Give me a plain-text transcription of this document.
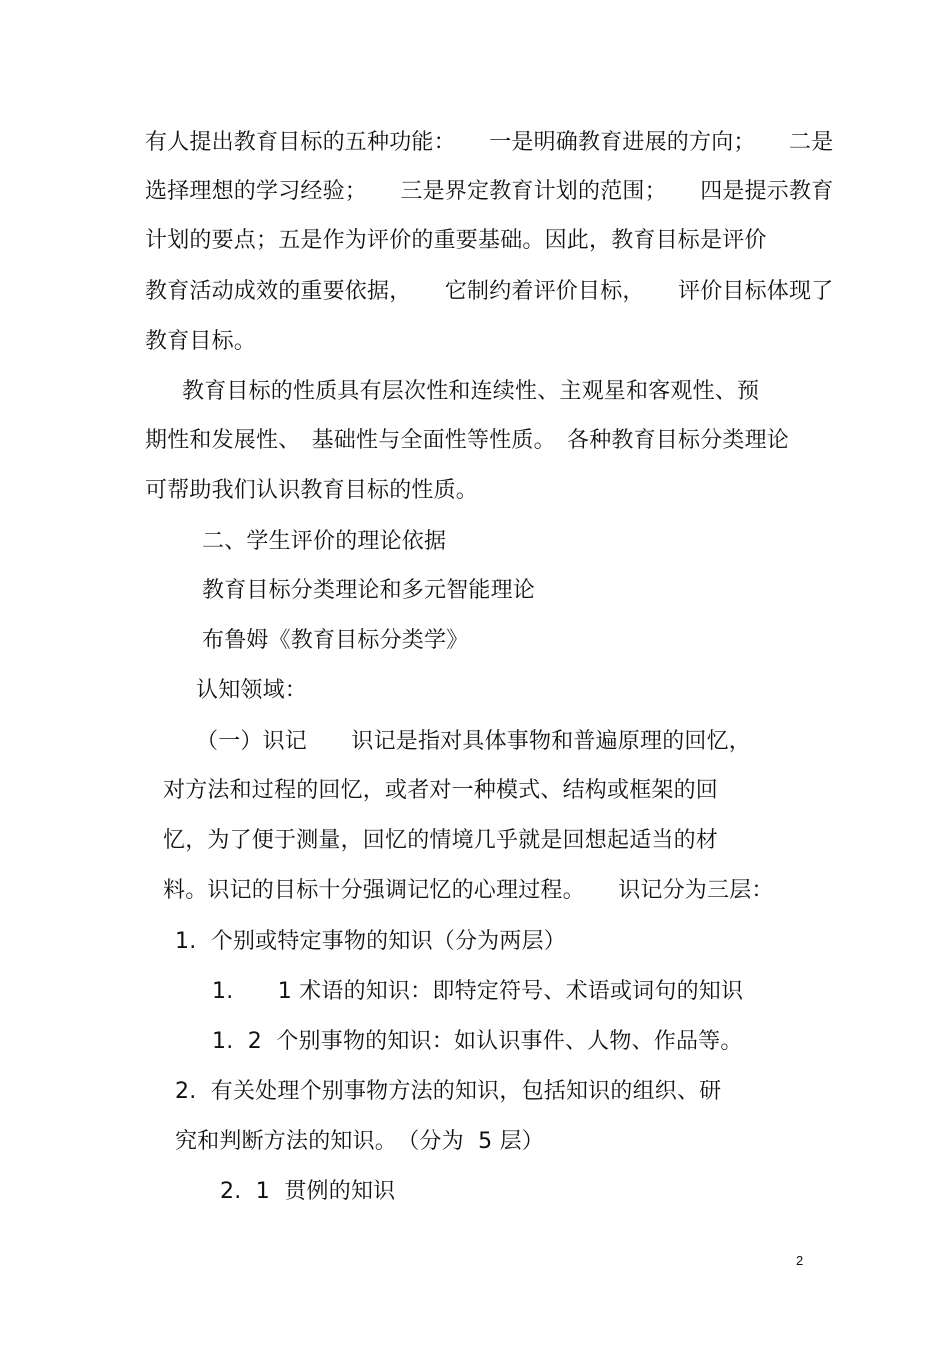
有人提出教育目标的五种功能：　　一是明确教育进展的方向；　　二是
选择理想的学习经验；　　三是界定教育计划的范围；　　四是提示教育
计划的要点；五是作为评价的重要基础。因此，教育目标是评价
教育活动成效的重要依据，　　它制约着评价目标，　　评价目标体现了
教育目标。
教育目标的性质具有层次性和连续性、主观星和客观性、预
期性和发展性、　基础性与全面性等性质。　各种教育目标分类理论
可帮助我们认识教育目标的性质。
二、学生评价的理论依据
教育目标分类理论和多元智能理论
布鲁姆《教育目标分类学》
认知领域：
（一）识记　　识记是指对具体事物和普遍原理的回忆，
对方法和过程的回忆，或者对一种模式、结构或框架的回
忆，为了便于测量，回忆的情境几乎就是回想起适当的材
料。识记的目标十分强调记忆的心理过程。　　识记分为三层：
1.  个别或特定事物的知识（分为两层）
1.　　1 术语的知识：即特定符号、术语或词句的知识
1.  2  个别事物的知识：如认识事件、人物、作品等。
2.  有关处理个别事物方法的知识，包括知识的组织、研
究和判断方法的知识。　（分为  5 层）
2.  1  贯例的知识
2
